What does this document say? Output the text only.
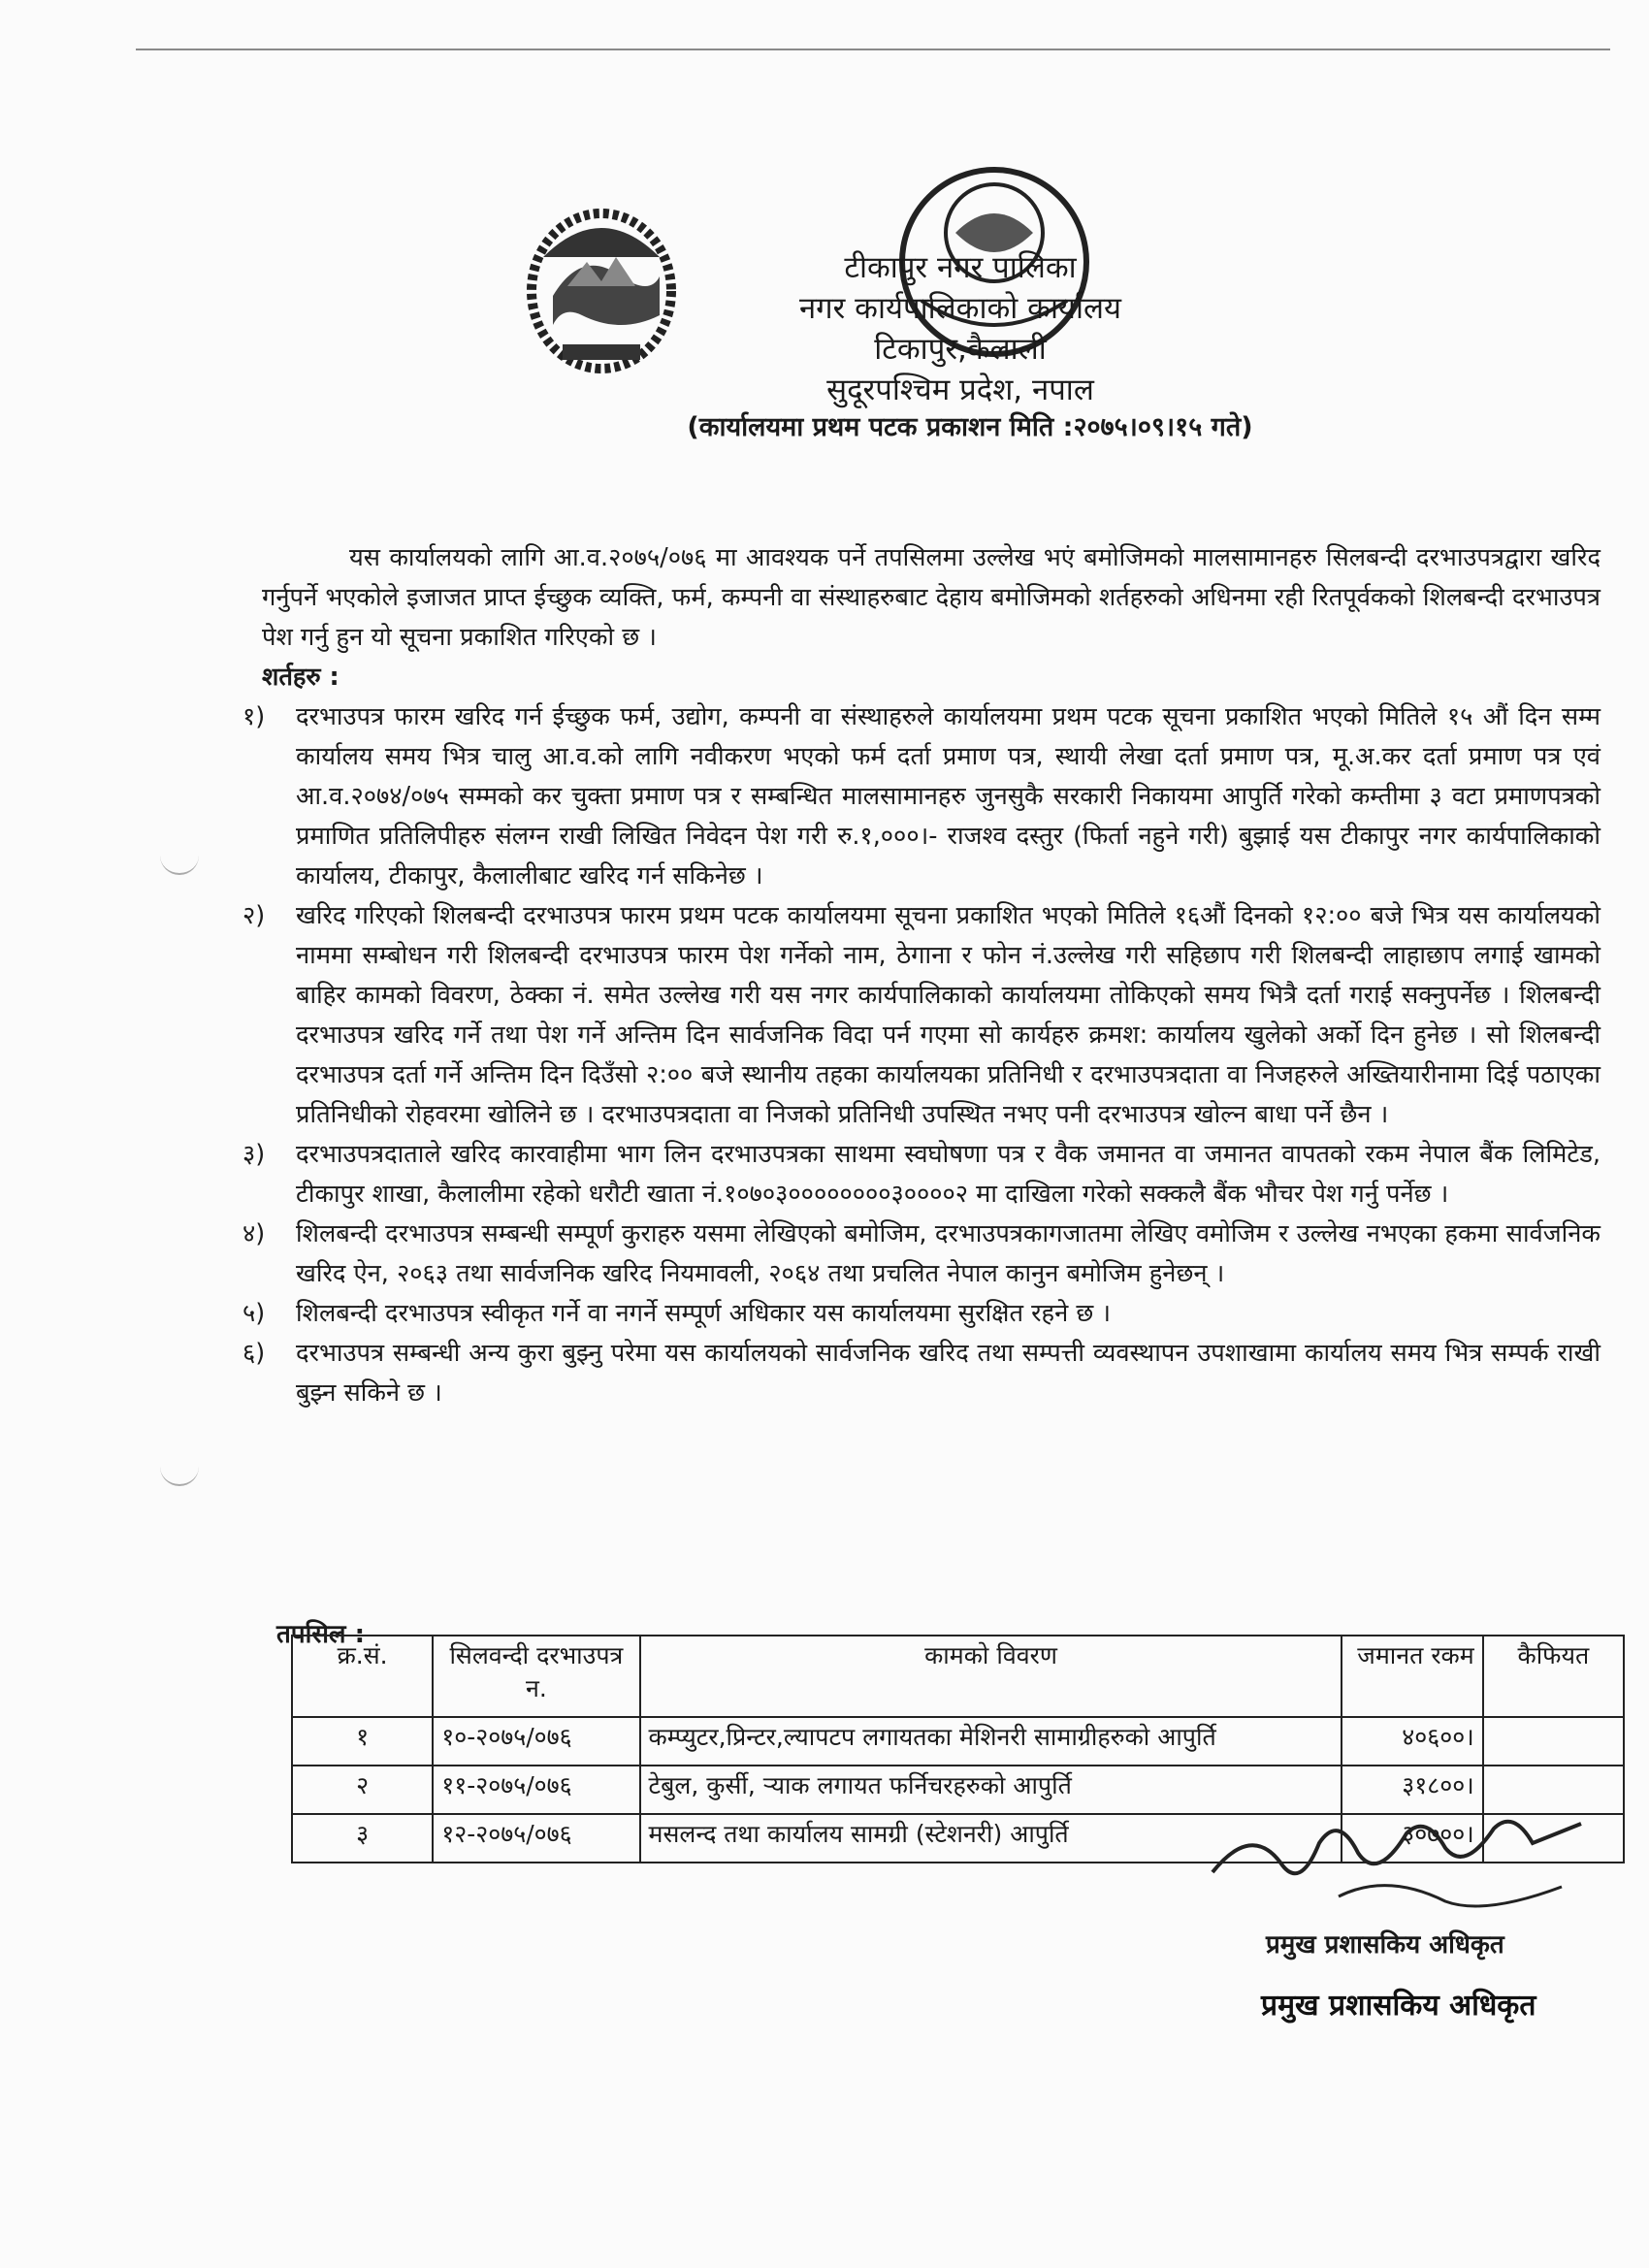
टीकापुर नगर पालिका
नगर कार्यपालिकाको कार्यालय
टिकापुर,कैलाली
सुदूरपश्चिम प्रदेश, नपाल
(कार्यालयमा प्रथम पटक प्रकाशन मिति :२०७५।०९।१५ गते)

यस कार्यालयको लागि आ.व.२०७५/०७६ मा आवश्यक पर्ने तपसिलमा उल्लेख भएं बमोजिमको मालसामानहरु सिलबन्दी दरभाउपत्रद्वारा खरिद गर्नुपर्ने भएकोले इजाजत प्राप्त ईच्छुक व्यक्ति, फर्म, कम्पनी वा संस्थाहरुबाट देहाय बमोजिमको शर्तहरुको अधिनमा रही रितपूर्वकको शिलबन्दी दरभाउपत्र पेश गर्नु हुन यो सूचना प्रकाशित गरिएको छ ।

शर्तहरु :

१)	दरभाउपत्र फारम खरिद गर्न ईच्छुक फर्म, उद्योग, कम्पनी वा संस्थाहरुले कार्यालयमा प्रथम पटक सूचना प्रकाशित भएको मितिले १५ औं दिन सम्म कार्यालय समय भित्र चालु आ.व.को लागि नवीकरण भएको फर्म दर्ता प्रमाण पत्र, स्थायी लेखा दर्ता प्रमाण पत्र, मू.अ.कर दर्ता प्रमाण पत्र एवं आ.व.२०७४/०७५ सम्मको कर चुक्ता प्रमाण पत्र र सम्बन्धित मालसामानहरु जुनसुकै सरकारी निकायमा आपुर्ति गरेको कम्तीमा ३ वटा प्रमाणपत्रको प्रमाणित प्रतिलिपीहरु संलग्न राखी लिखित निवेदन पेश गरी रु.१,०००।- राजश्व दस्तुर (फिर्ता नहुने गरी) बुझाई यस टीकापुर नगर कार्यपालिकाको कार्यालय, टीकापुर, कैलालीबाट खरिद गर्न सकिनेछ ।
२)	खरिद गरिएको शिलबन्दी दरभाउपत्र फारम प्रथम पटक कार्यालयमा सूचना प्रकाशित भएको मितिले १६औं दिनको १२:०० बजे भित्र यस कार्यालयको नाममा सम्बोधन गरी शिलबन्दी दरभाउपत्र फारम पेश गर्नेको नाम, ठेगाना र फोन नं.उल्लेख गरी सहिछाप गरी शिलबन्दी लाहाछाप लगाई खामको बाहिर कामको विवरण, ठेक्का नं. समेत उल्लेख गरी यस नगर कार्यपालिकाको कार्यालयमा तोकिएको समय भित्रै दर्ता गराई सक्नुपर्नेछ । शिलबन्दी दरभाउपत्र खरिद गर्ने तथा पेश गर्ने अन्तिम दिन सार्वजनिक विदा पर्न गएमा सो कार्यहरु क्रमश: कार्यालय खुलेको अर्को दिन हुनेछ । सो शिलबन्दी दरभाउपत्र दर्ता गर्ने अन्तिम दिन दिउँसो २:०० बजे स्थानीय तहका कार्यालयका प्रतिनिधी र दरभाउपत्रदाता वा निजहरुले अख्तियारीनामा दिई पठाएका प्रतिनिधीको रोहवरमा खोलिने छ । दरभाउपत्रदाता वा निजको प्रतिनिधी उपस्थित नभए पनी दरभाउपत्र खोल्न बाधा पर्ने छैन ।
३)	दरभाउपत्रदाताले खरिद कारवाहीमा भाग लिन दरभाउपत्रका साथमा स्वघोषणा पत्र र वैक जमानत वा जमानत वापतको रकम नेपाल बैंक लिमिटेड, टीकापुर शाखा, कैलालीमा रहेको धरौटी खाता नं.१०७०३००००००००३००००२ मा दाखिला गरेको सक्कलै बैंक भौचर पेश गर्नु पर्नेछ ।
४)	शिलबन्दी दरभाउपत्र सम्बन्धी सम्पूर्ण कुराहरु यसमा लेखिएको बमोजिम, दरभाउपत्रकागजातमा लेखिए वमोजिम र उल्लेख नभएका हकमा सार्वजनिक खरिद ऐन, २०६३ तथा सार्वजनिक खरिद नियमावली, २०६४ तथा प्रचलित नेपाल कानुन बमोजिम हुनेछन् ।
५)	शिलबन्दी दरभाउपत्र स्वीकृत गर्ने वा नगर्ने सम्पूर्ण अधिकार यस कार्यालयमा सुरक्षित रहने छ ।
६)	दरभाउपत्र सम्बन्धी अन्य कुरा बुझ्नु परेमा यस कार्यालयको सार्वजनिक खरिद तथा सम्पत्ती व्यवस्थापन उपशाखामा कार्यालय समय भित्र सम्पर्क राखी बुझ्न सकिने छ ।
तपसिल :
क्र.सं.	सिलवन्दी दरभाउपत्र न.	कामको विवरण	जमानत रकम	कैफियत
१	१०-२०७५/०७६	कम्प्युटर,प्रिन्टर,ल्यापटप लगायतका मेशिनरी सामाग्रीहरुको आपुर्ति	४०६००।	
२	११-२०७५/०७६	टेबुल, कुर्सी, र्‍याक लगायत फर्निचरहरुको आपुर्ति	३१८००।	
३	१२-२०७५/०७६	मसलन्द तथा कार्यालय सामग्री (स्टेशनरी) आपुर्ति	३०७००।	
प्रमुख प्रशासकिय अधिकृत
प्रमुख प्रशासकिय अधिकृत
